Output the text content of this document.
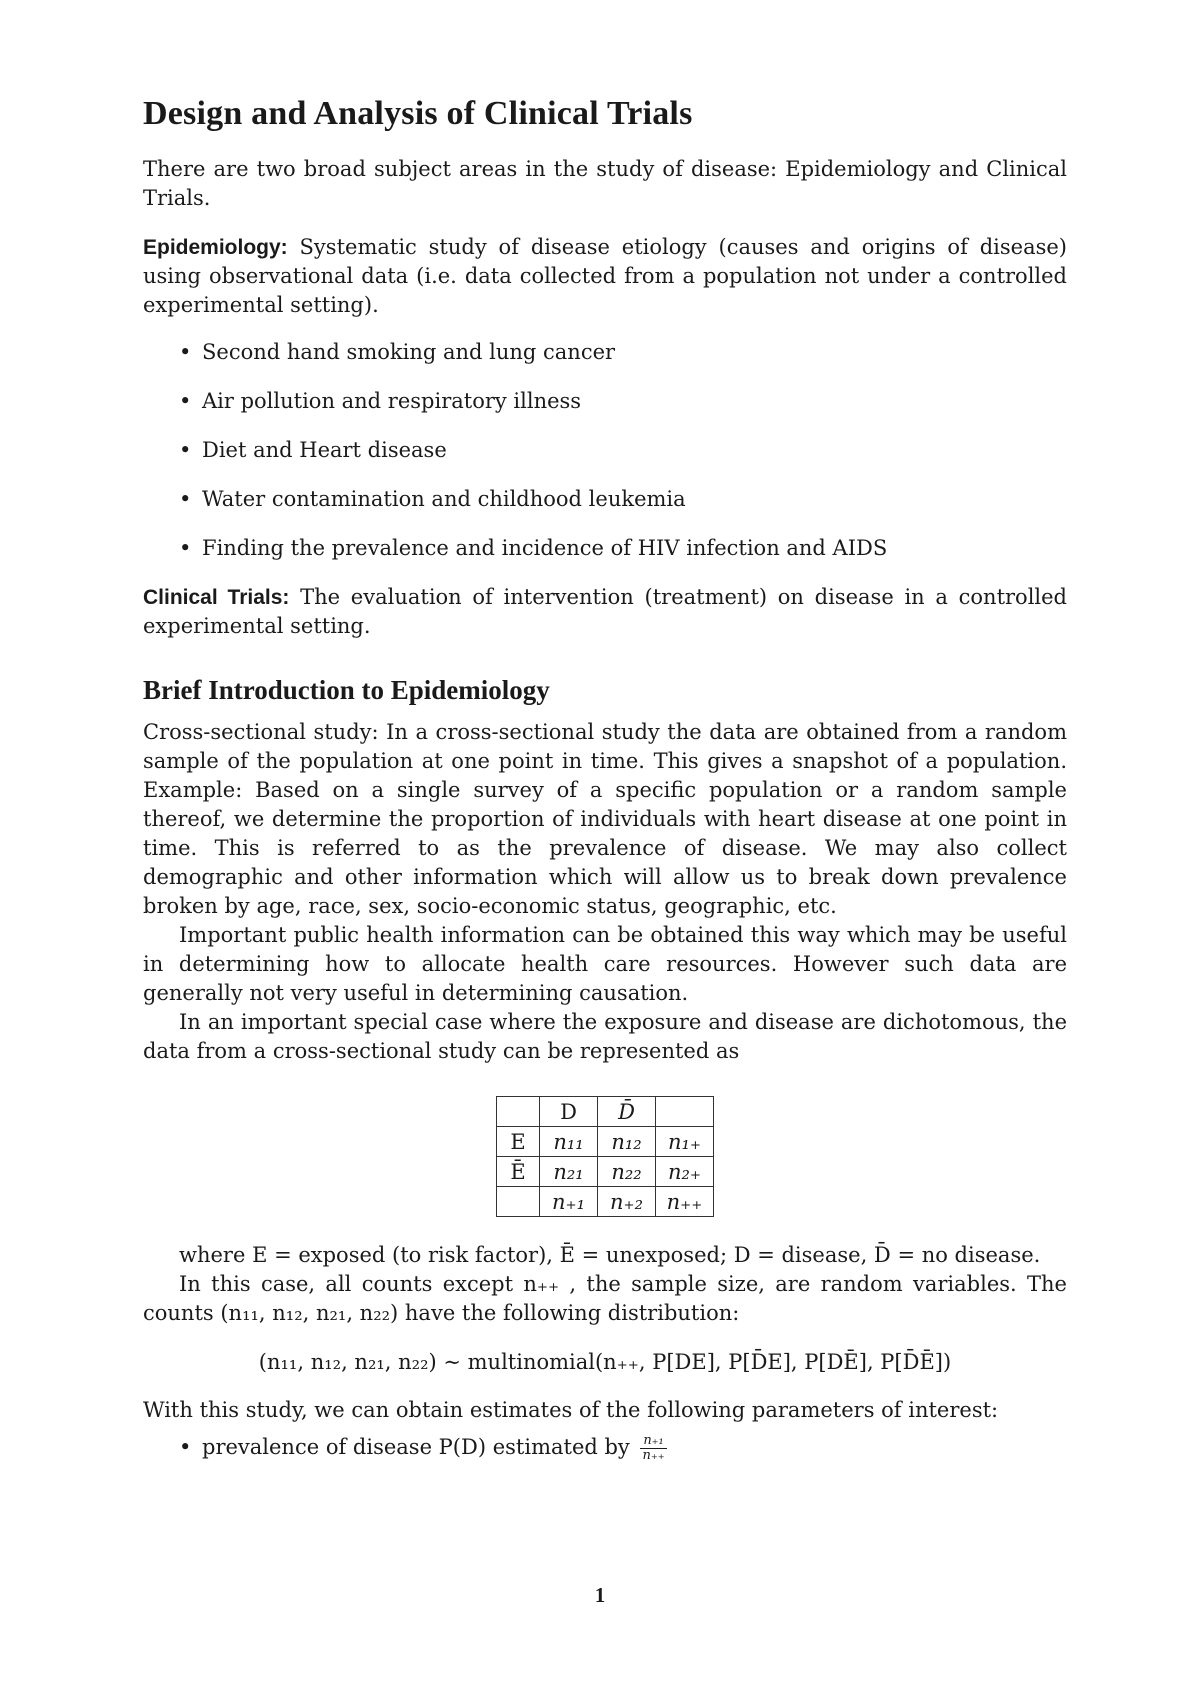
Design and Analysis of Clinical Trials

There are two broad subject areas in the study of disease: Epidemiology and Clinical Trials.

Epidemiology: Systematic study of disease etiology (causes and origins of disease) using observational data (i.e. data collected from a population not under a controlled experimental setting).

• Second hand smoking and lung cancer
• Air pollution and respiratory illness
• Diet and Heart disease
• Water contamination and childhood leukemia
• Finding the prevalence and incidence of HIV infection and AIDS

Clinical Trials: The evaluation of intervention (treatment) on disease in a controlled experimental setting.

Brief Introduction to Epidemiology

Cross-sectional study: In a cross-sectional study the data are obtained from a random sample of the population at one point in time. This gives a snapshot of a population. Example: Based on a single survey of a specific population or a random sample thereof, we determine the proportion of individuals with heart disease at one point in time. This is referred to as the prevalence of disease. We may also collect demographic and other information which will allow us to break down prevalence broken by age, race, sex, socio-economic status, geographic, etc.

Important public health information can be obtained this way which may be useful in determining how to allocate health care resources. However such data are generally not very useful in determining causation.

In an important special case where the exposure and disease are dichotomous, the data from a cross-sectional study can be represented as

	D	D̄	
E	n₁₁	n₁₂	n₁₊
Ē	n₂₁	n₂₂	n₂₊
	n₊₁	n₊₂	n₊₊

where E = exposed (to risk factor), Ē = unexposed; D = disease, D̄ = no disease.

In this case, all counts except n₊₊ , the sample size, are random variables. The counts (n₁₁, n₁₂, n₂₁, n₂₂) have the following distribution:

(n₁₁, n₁₂, n₂₁, n₂₂) ∼ multinomial(n₊₊, P[DE], P[D̄E], P[DĒ], P[D̄Ē])

With this study, we can obtain estimates of the following parameters of interest:

• prevalence of disease P(D) estimated by $\frac{\text{n₊₁}}{n_{++}}$
1
